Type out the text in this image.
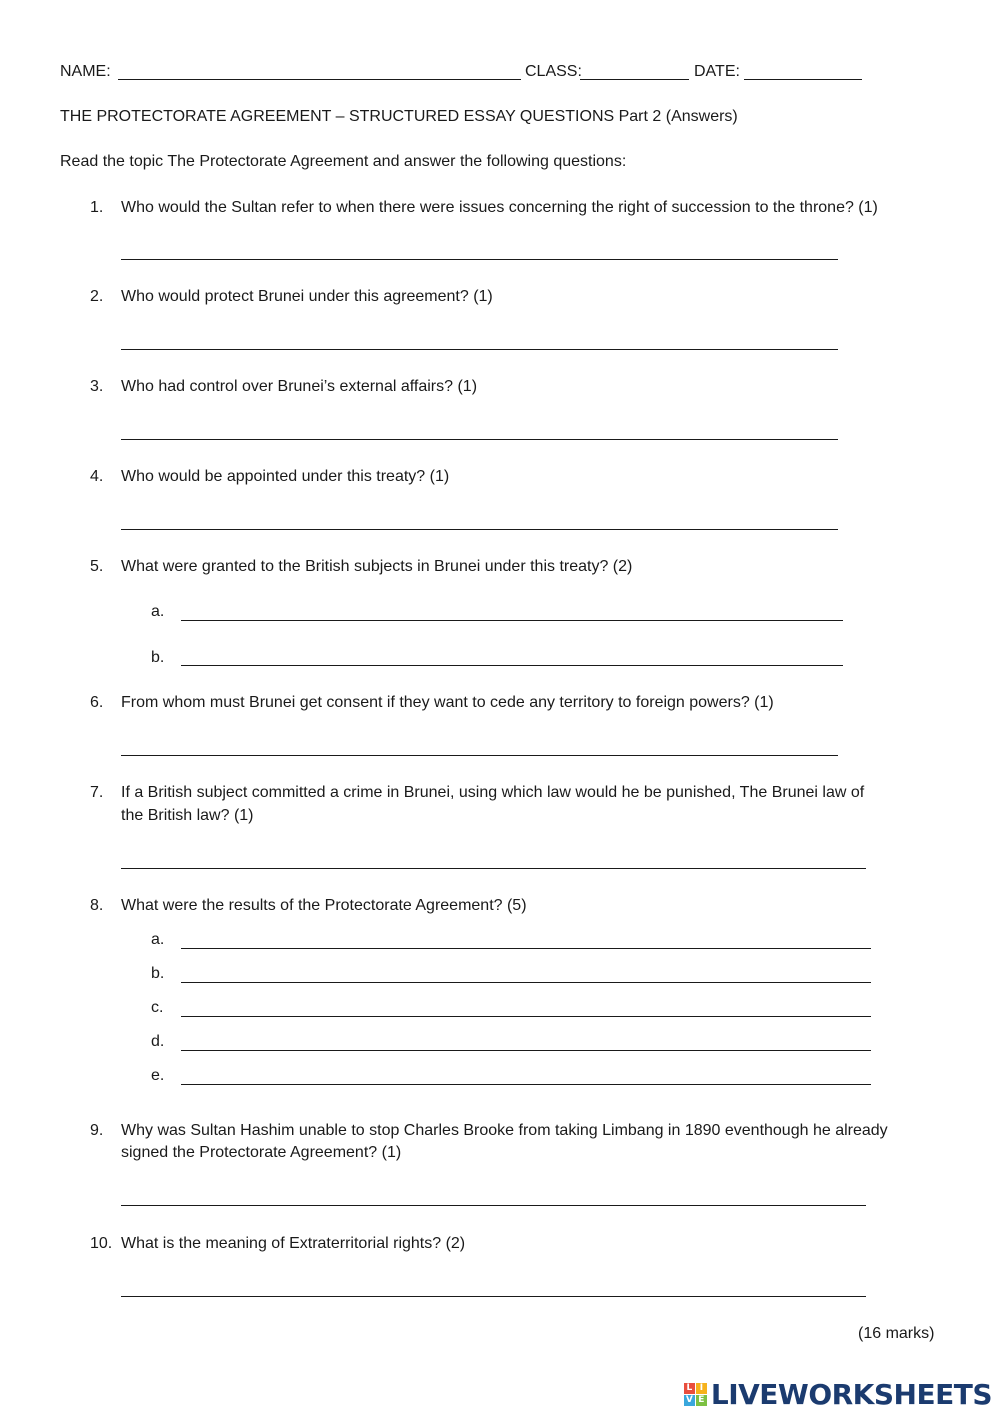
NAME:	CLASS:	DATE:
THE PROTECTORATE AGREEMENT – STRUCTURED ESSAY QUESTIONS Part 2 (Answers)
Read the topic The Protectorate Agreement and answer the following questions:
1. Who would the Sultan refer to when there were issues concerning the right of succession to the throne? (1)
2. Who would protect Brunei under this agreement? (1)
3. Who had control over Brunei’s external affairs? (1)
4. Who would be appointed under this treaty? (1)
5. What were granted to the British subjects in Brunei under this treaty? (2)
a.
b.
6. From whom must Brunei get consent if they want to cede any territory to foreign powers? (1)
7. If a British subject committed a crime in Brunei, using which law would he be punished, The Brunei law of
the British law? (1)
8. What were the results of the Protectorate Agreement? (5)
a.
b.
c.
d.
e.
9. Why was Sultan Hashim unable to stop Charles Brooke from taking Limbang in 1890 eventhough he already
signed the Protectorate Agreement? (1)
10. What is the meaning of Extraterritorial rights? (2)
(16 marks)
L I
V E LIVEWORKSHEETS
